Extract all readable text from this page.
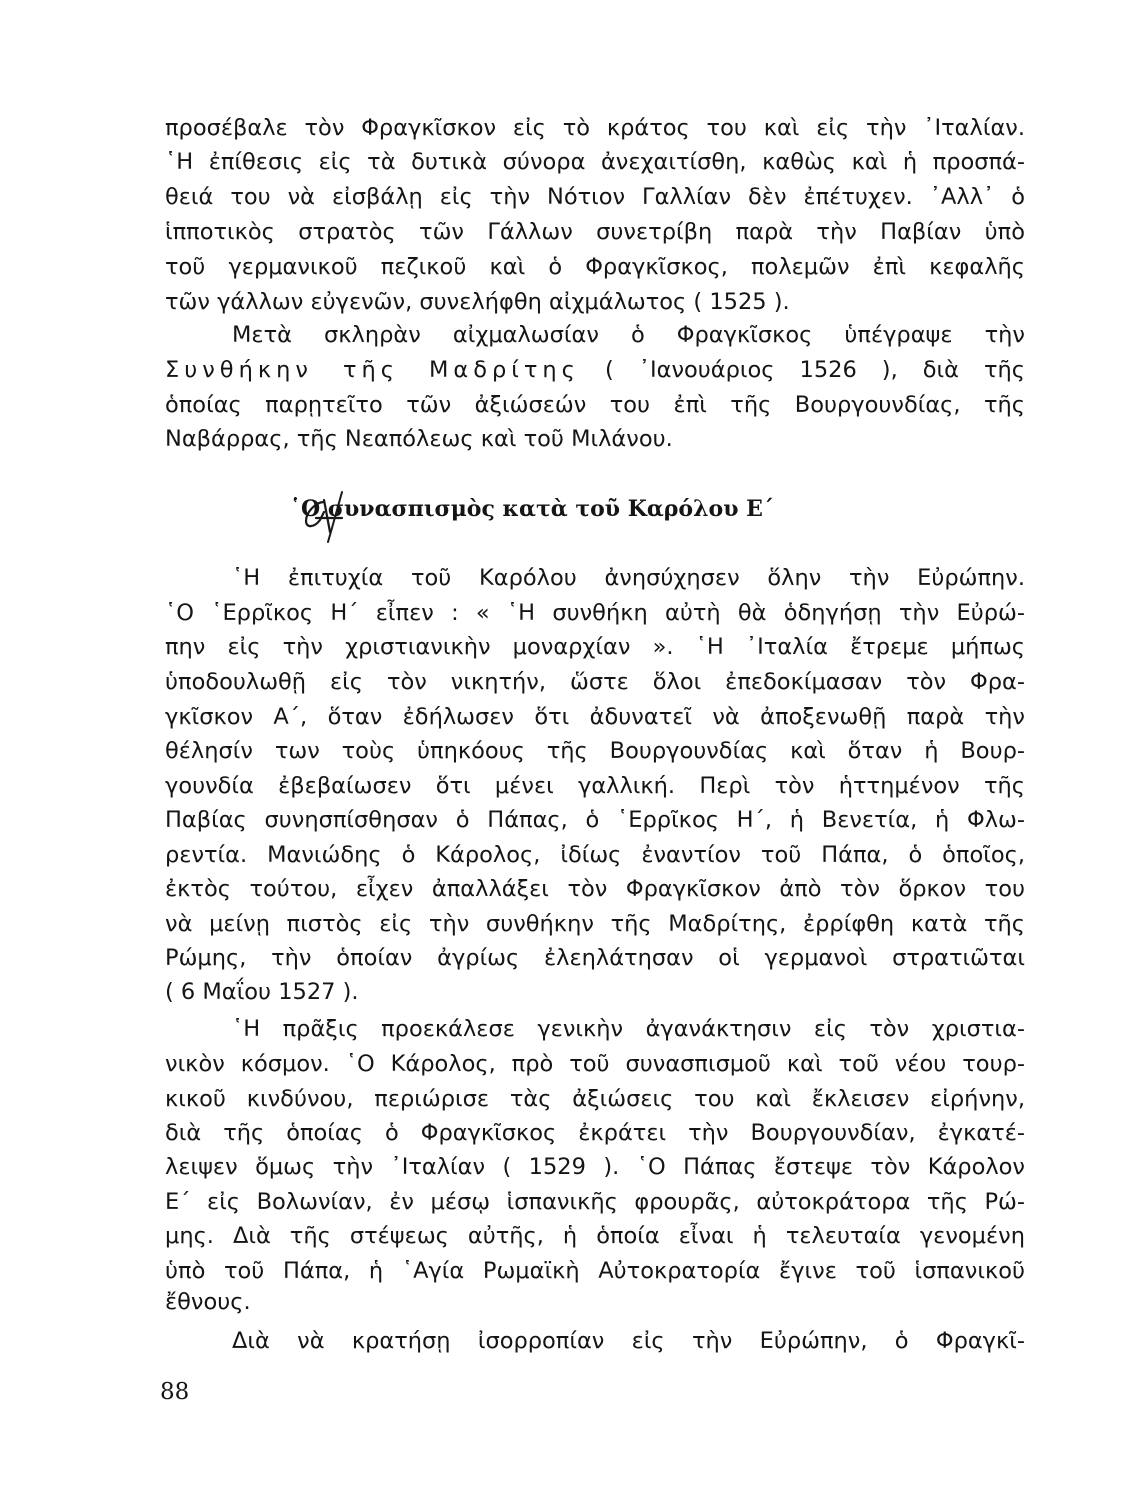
προσέβαλε τὸν Φραγκῖσκον εἰς τὸ κράτος του καὶ εἰς τὴν ᾿Ιταλίαν.
῾Η ἐπίθεσις εἰς τὰ δυτικὰ σύνορα ἀνεχαιτίσθη, καθὼς καὶ ἡ προσπά-
θειά του νὰ εἰσβάλῃ εἰς τὴν Νότιον Γαλλίαν δὲν ἐπέτυχεν. ᾿Αλλ᾿ ὁ
ἱπποτικὸς στρατὸς τῶν Γάλλων συνετρίβη παρὰ τὴν Παβίαν ὑπὸ
τοῦ γερμανικοῦ πεζικοῦ καὶ ὁ Φραγκῖσκος, πολεμῶν ἐπὶ κεφαλῆς
τῶν γάλλων εὐγενῶν, συνελήφθη αἰχμάλωτος ( 1525 ).
Μετὰ σκληρὰν αἰχμαλωσίαν ὁ Φραγκῖσκος ὑπέγραψε τὴν
Συνθήκην τῆς Μαδρίτης ( ᾿Ιανουάριος 1526 ), διὰ τῆς
ὁποίας παρῃτεῖτο τῶν ἀξιώσεών του ἐπὶ τῆς Βουργουνδίας, τῆς
Ναβάρρας, τῆς Νεαπόλεως καὶ τοῦ Μιλάνου.
῾Ο συνασπισμὸς κατὰ τοῦ Καρόλου Ε΄
῾Η ἐπιτυχία τοῦ Καρόλου ἀνησύχησεν ὅλην τὴν Εὐρώπην.
῾Ο ῾Ερρῖκος Η΄ εἶπεν : « ῾Η συνθήκη αὐτὴ θὰ ὁδηγήσῃ τὴν Εὐρώ-
πην εἰς τὴν χριστιανικὴν μοναρχίαν ». ῾Η ᾿Ιταλία ἔτρεμε μήπως
ὑποδουλωθῇ εἰς τὸν νικητήν, ὥστε ὅλοι ἐπεδοκίμασαν τὸν Φρα-
γκῖσκον Α΄, ὅταν ἐδήλωσεν ὅτι ἀδυνατεῖ νὰ ἀποξενωθῇ παρὰ τὴν
θέλησίν των τοὺς ὑπηκόους τῆς Βουργουνδίας καὶ ὅταν ἡ Βουρ-
γουνδία ἐβεβαίωσεν ὅτι μένει γαλλική. Περὶ τὸν ἡττημένον τῆς
Παβίας συνησπίσθησαν ὁ Πάπας, ὁ ῾Ερρῖκος Η΄, ἡ Βενετία, ἡ Φλω-
ρεντία. Μανιώδης ὁ Κάρολος, ἰδίως ἐναντίον τοῦ Πάπα, ὁ ὁποῖος,
ἐκτὸς τούτου, εἶχεν ἀπαλλάξει τὸν Φραγκῖσκον ἀπὸ τὸν ὅρκον του
νὰ μείνῃ πιστὸς εἰς τὴν συνθήκην τῆς Μαδρίτης, ἐρρίφθη κατὰ τῆς
Ρώμης, τὴν ὁποίαν ἀγρίως ἐλεηλάτησαν οἱ γερμανοὶ στρατιῶται
( 6 Μαΐου 1527 ).
῾Η πρᾶξις προεκάλεσε γενικὴν ἀγανάκτησιν εἰς τὸν χριστια-
νικὸν κόσμον. ῾Ο Κάρολος, πρὸ τοῦ συνασπισμοῦ καὶ τοῦ νέου τουρ-
κικοῦ κινδύνου, περιώρισε τὰς ἀξιώσεις του καὶ ἔκλεισεν εἰρήνην,
διὰ τῆς ὁποίας ὁ Φραγκῖσκος ἐκράτει τὴν Βουργουνδίαν, ἐγκατέ-
λειψεν ὅμως τὴν ᾿Ιταλίαν ( 1529 ). ῾Ο Πάπας ἔστεψε τὸν Κάρολον
Ε΄ εἰς Βολωνίαν, ἐν μέσῳ ἱσπανικῆς φρουρᾶς, αὐτοκράτορα τῆς Ρώ-
μης. Διὰ τῆς στέψεως αὐτῆς, ἡ ὁποία εἶναι ἡ τελευταία γενομένη
ὑπὸ τοῦ Πάπα, ἡ ῾Αγία Ρωμαϊκὴ Αὐτοκρατορία ἔγινε τοῦ ἱσπανικοῦ
ἔθνους.
Διὰ νὰ κρατήσῃ ἰσορροπίαν εἰς τὴν Εὐρώπην, ὁ Φραγκῖ-
88
